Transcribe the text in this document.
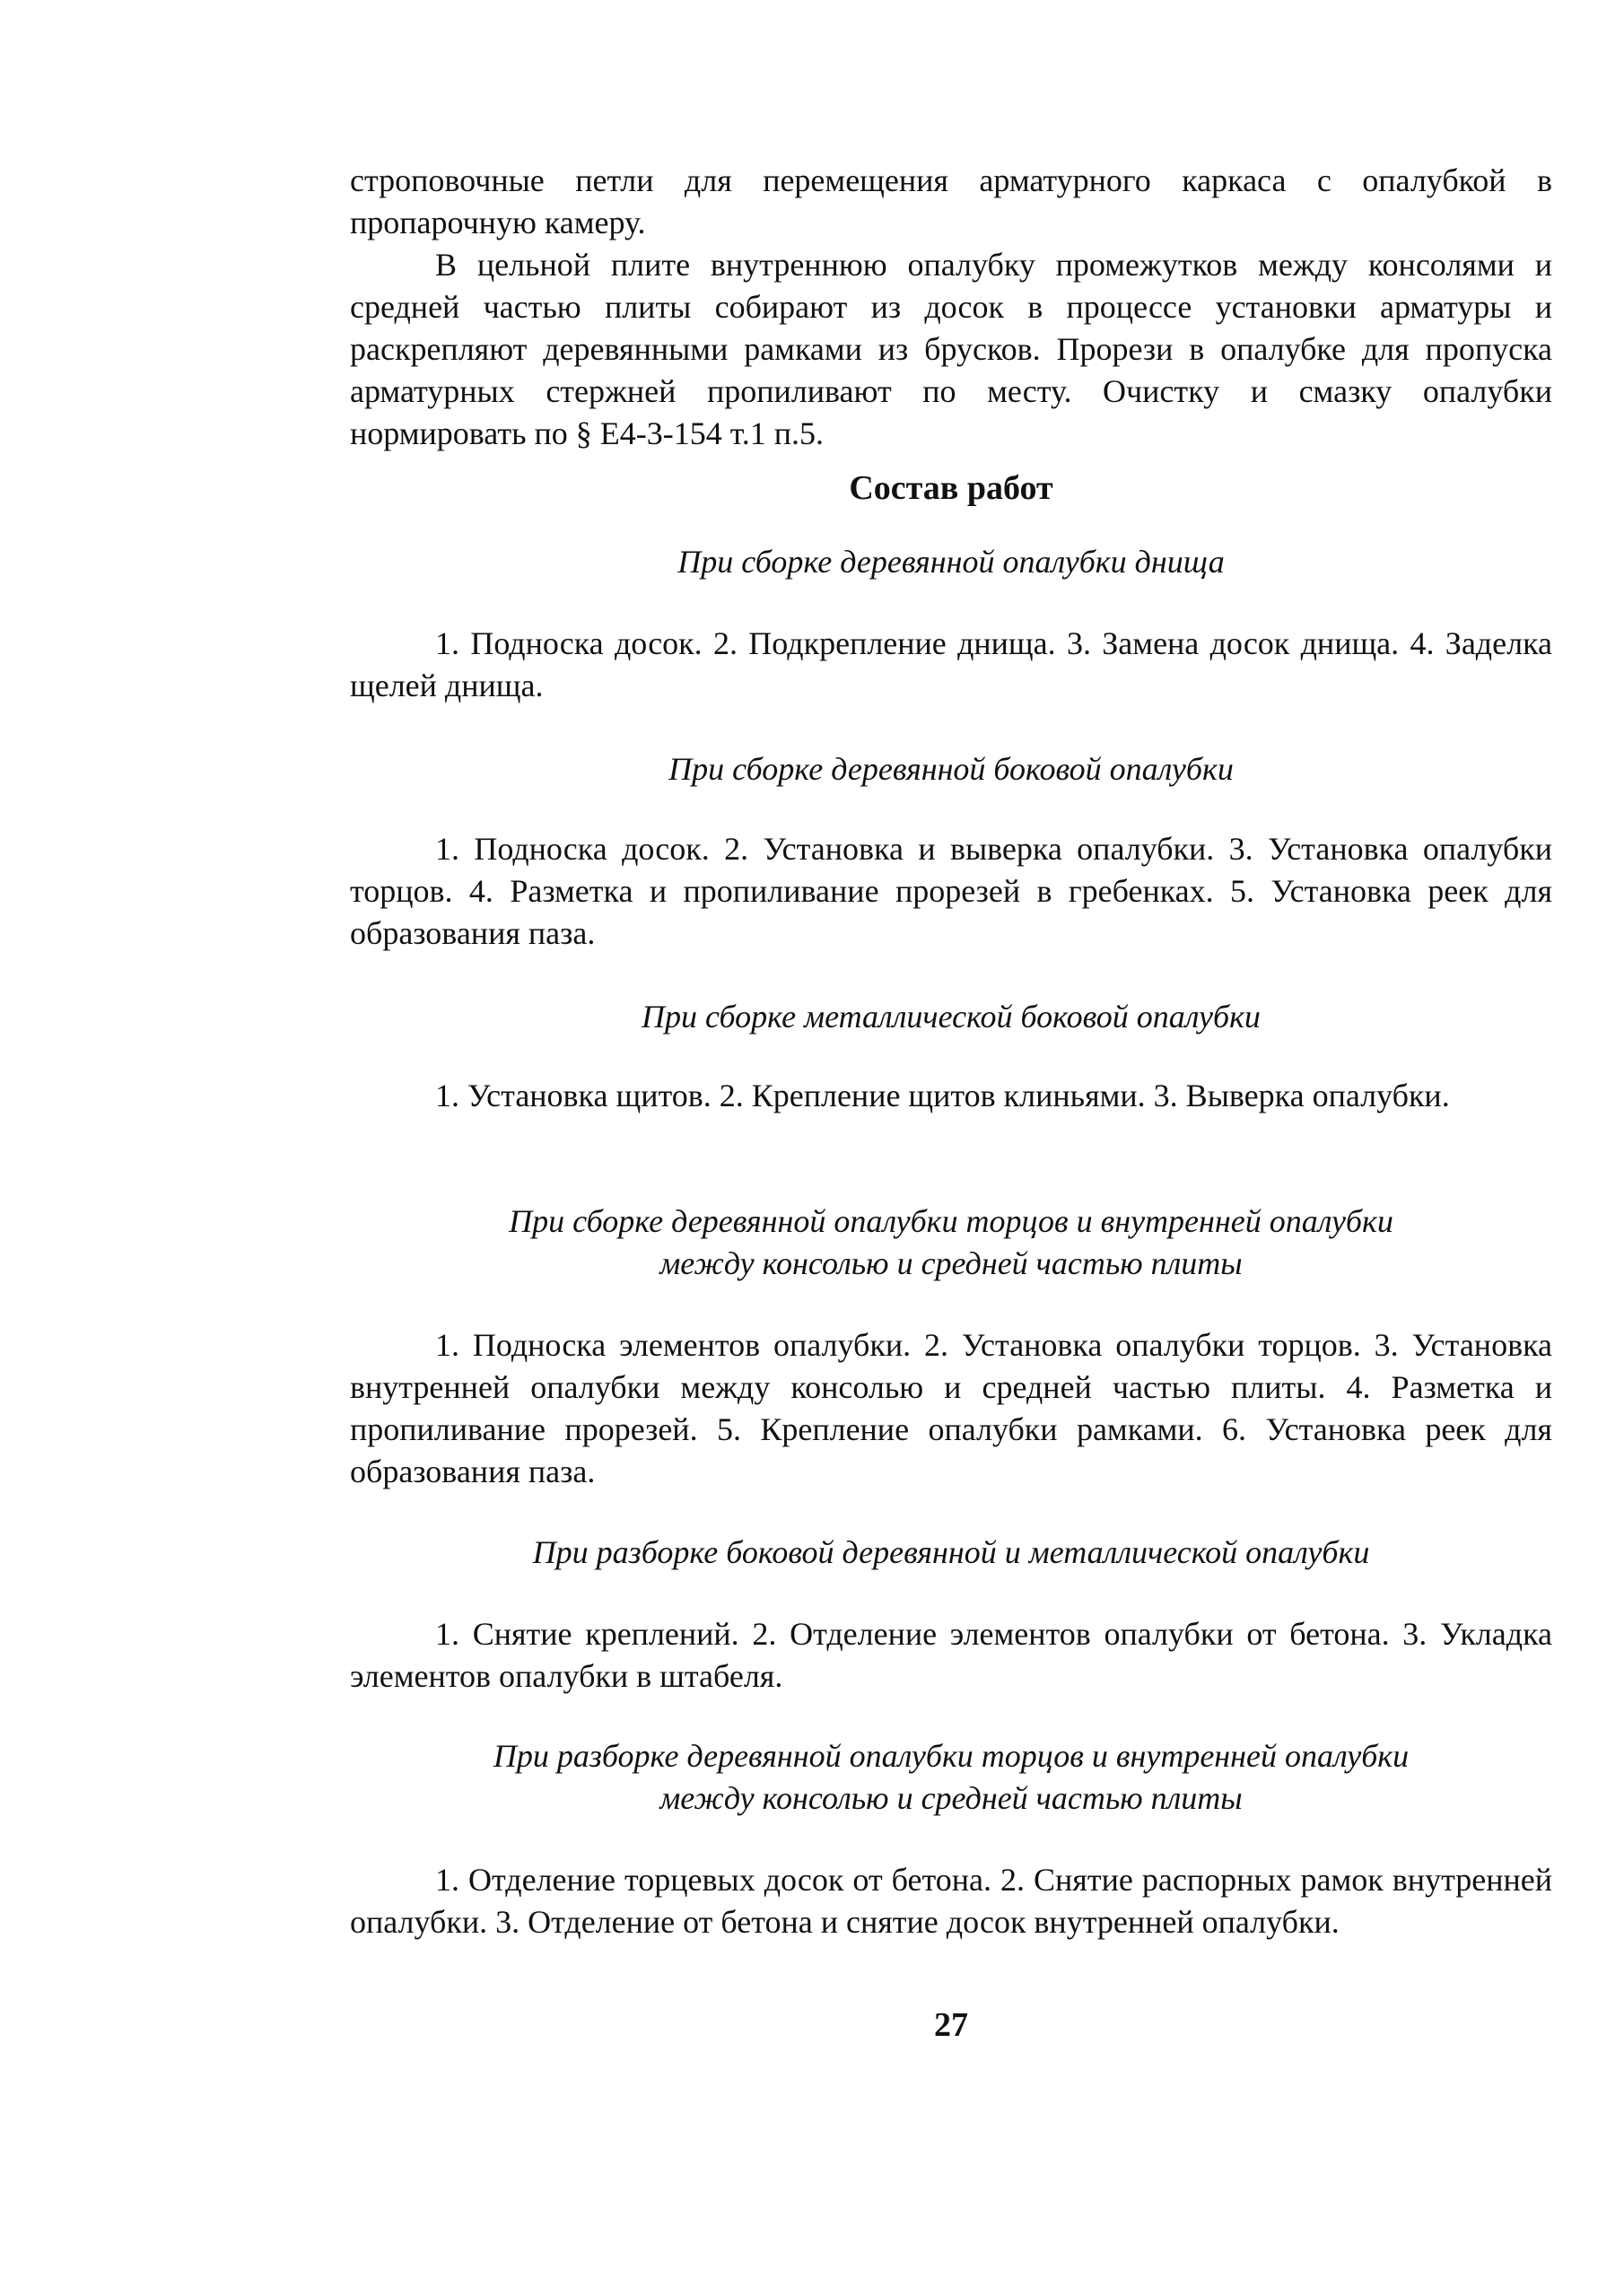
строповочные петли для перемещения арматурного каркаса с опалубкой в пропарочную камеру.

В цельной плите внутреннюю опалубку промежутков между консолями и средней частью плиты собирают из досок в процессе установки арматуры и раскрепляют деревянными рамками из брусков. Прорези в опалубке для пропуска арматурных стержней пропиливают по месту. Очистку и смазку опалубки нормировать по § Е4-3-154 т.1 п.5.

Состав работ

При сборке деревянной опалубки днища

1. Подноска досок. 2. Подкрепление днища. 3. Замена досок днища. 4. Заделка щелей днища.

При сборке деревянной боковой опалубки

1. Подноска досок. 2. Установка и выверка опалубки. 3. Установка опалубки торцов. 4. Разметка и пропиливание прорезей в гребенках. 5. Установка реек для образования паза.

При сборке металлической боковой опалубки

1. Установка щитов. 2. Крепление щитов клиньями. 3. Выверка опалубки.

При сборке деревянной опалубки торцов и внутренней опалубки
между консолью и средней частью плиты

1. Подноска элементов опалубки. 2. Установка опалубки торцов. 3. Установка внутренней опалубки между консолью и средней частью плиты. 4. Разметка и пропиливание прорезей. 5. Крепление опалубки рамками. 6. Установка реек для образования паза.

При разборке боковой деревянной и металлической опалубки

1. Снятие креплений. 2. Отделение элементов опалубки от бетона. 3. Укладка элементов опалубки в штабеля.

При разборке деревянной опалубки торцов и внутренней опалубки
между консолью и средней частью плиты

1. Отделение торцевых досок от бетона. 2. Снятие распорных рамок внутренней опалубки. 3. Отделение от бетона и снятие досок внутренней опалубки.

27
